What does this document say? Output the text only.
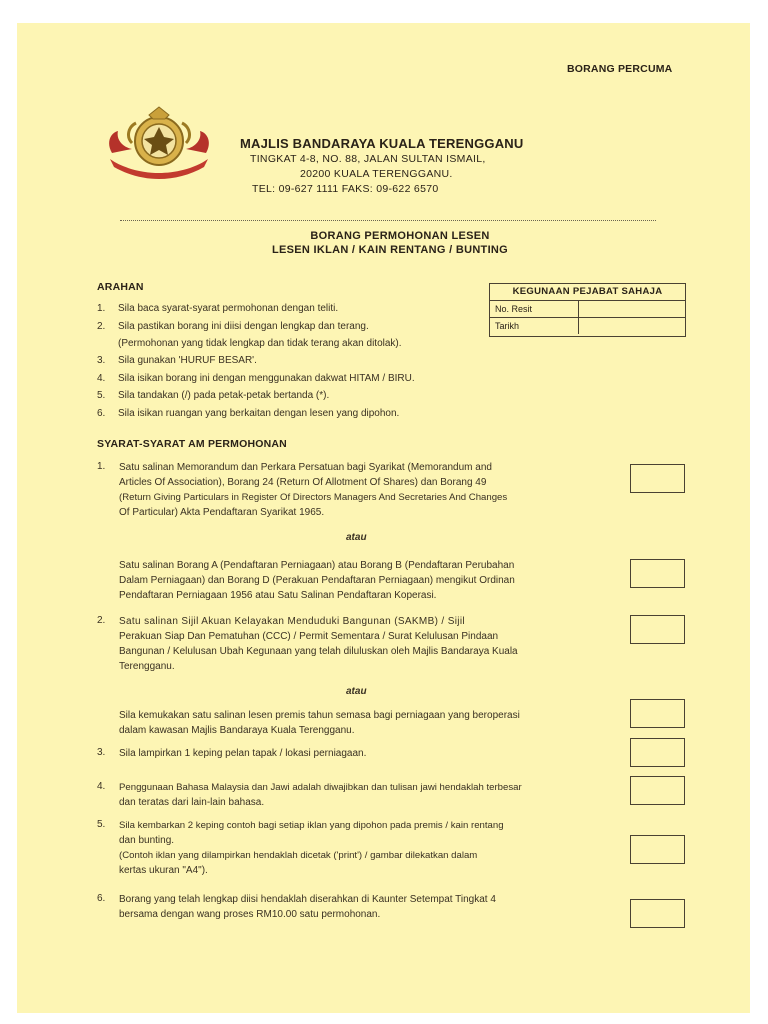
BORANG PERCUMA
MAJLIS BANDARAYA KUALA TERENGGANU
TINGKAT 4-8, NO. 88, JALAN SULTAN ISMAIL,
20200 KUALA TERENGGANU.
TEL: 09-627 1111 FAKS: 09-622 6570
BORANG PERMOHONAN LESEN
LESEN IKLAN / KAIN RENTANG / BUNTING
ARAHAN
1.	Sila baca syarat-syarat permohonan dengan teliti.
2.	Sila pastikan borang ini diisi dengan lengkap dan terang.
(Permohonan yang tidak lengkap dan tidak terang akan ditolak).
3.	Sila gunakan 'HURUF BESAR'.
4.	Sila isikan borang ini dengan menggunakan dakwat HITAM / BIRU.
5.	Sila tandakan (/) pada petak-petak bertanda (*).
6.	Sila isikan ruangan yang berkaitan dengan lesen yang dipohon.
KEGUNAAN PEJABAT SAHAJA
No. Resit
Tarikh
SYARAT-SYARAT AM PERMOHONAN
1. Satu salinan Memorandum dan Perkara Persatuan bagi Syarikat (Memorandum and
Articles Of Association), Borang 24 (Return Of Allotment Of Shares) dan Borang 49
(Return Giving Particulars in Register Of Directors Managers And Secretaries And Changes
Of Particular) Akta Pendaftaran Syarikat 1965.
atau
Satu salinan Borang A (Pendaftaran Perniagaan) atau Borang B (Pendaftaran Perubahan
Dalam Perniagaan) dan Borang D (Perakuan Pendaftaran Perniagaan) mengikut Ordinan
Pendaftaran Perniagaan 1956 atau Satu Salinan Pendaftaran Koperasi.
2. Satu salinan Sijil Akuan Kelayakan Menduduki Bangunan (SAKMB) / Sijil
Perakuan Siap Dan Pematuhan (CCC) / Permit Sementara / Surat Kelulusan Pindaan
Bangunan / Kelulusan Ubah Kegunaan yang telah diluluskan oleh Majlis Bandaraya Kuala
Terengganu.
atau
Sila kemukakan satu salinan lesen premis tahun semasa bagi perniagaan yang beroperasi
dalam kawasan Majlis Bandaraya Kuala Terengganu.
3. Sila lampirkan 1 keping pelan tapak / lokasi perniagaan.
4. Penggunaan Bahasa Malaysia dan Jawi adalah diwajibkan dan tulisan jawi hendaklah terbesar
dan teratas dari lain-lain bahasa.
5. Sila kembarkan 2 keping contoh bagi setiap iklan yang dipohon pada premis / kain rentang
dan bunting.
(Contoh iklan yang dilampirkan hendaklah dicetak ('print') / gambar dilekatkan dalam
kertas ukuran "A4").
6. Borang yang telah lengkap diisi hendaklah diserahkan di Kaunter Setempat Tingkat 4
bersama dengan wang proses RM10.00 satu permohonan.
